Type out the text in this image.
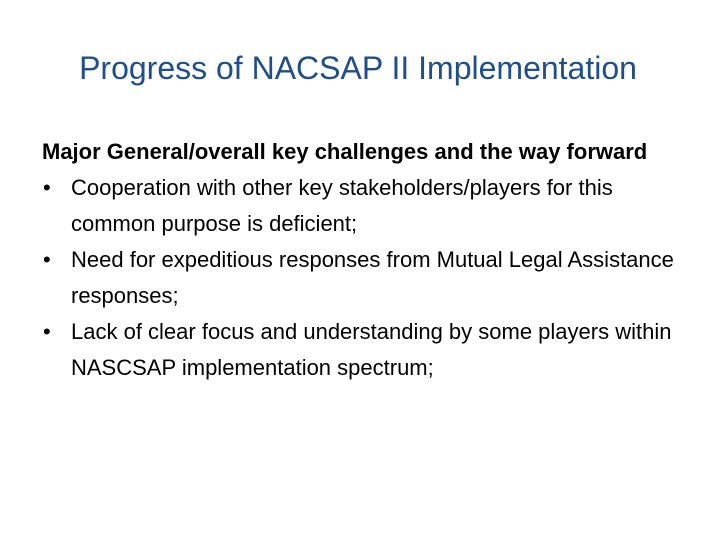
Progress of NACSAP II Implementation

Major General/overall key challenges and the way forward

• Cooperation with other key stakeholders/players for this common purpose is deficient;
• Need for expeditious responses from Mutual Legal Assistance responses;
• Lack of clear focus and understanding by some players within NASCSAP implementation spectrum;
